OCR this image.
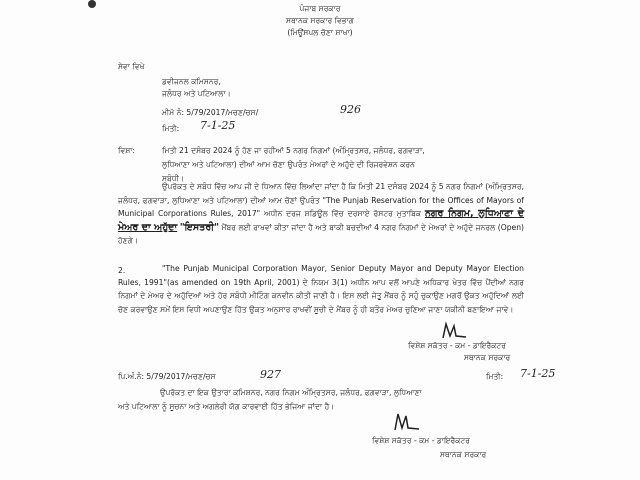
ਪੰਜਾਬ ਸਰਕਾਰ
ਸਥਾਨਕ ਸਰਕਾਰ ਵਿਭਾਗ
(ਮਿਊਂਸਪਲ ਚੋਣਾ ਸਾਖਾ)
ਸੇਵਾ ਵਿਖੇ
ਡਵੀਜਨਲ ਕਮਿਸਨਰ,
ਜਲੰਧਰ ਅਤੇ ਪਟਿਆਲਾ।
ਮੀਮੋ ਨੰ: 5/79/2017/ਮਚਣ/ਚਸ/	926
ਮਿਤੀ: 7-1-25
ਵਿਸ਼ਾ:	ਮਿਤੀ 21 ਦਸੰਬਰ 2024 ਨੂੰ ਹੋਣ ਜਾ ਰਹੀਆਂ 5 ਨਗਰ ਨਿਗਮਾਂ (ਅੰਮ੍ਰਿਤਸਰ, ਜਲੰਧਰ, ਫਗਵਾੜਾ,
ਲੁਧਿਆਣਾ ਅਤੇ ਪਟਿਆਲਾ) ਦੀਆਂ ਆਮ ਚੋਣਾ ਉਪਰੰਤ ਮੇਅਰਾਂ ਦੇ ਅਹੁੱਦੇ ਦੀ ਰਿਜਰਵੇਸ਼ਨ ਕਰਨ
ਸਬੰਧੀ।
ਉਪਰੋਕਤ ਦੇ ਸਬੰਧ ਵਿੱਚ ਆਪ ਜੀ ਦੇ ਧਿਆਨ ਵਿੱਚ ਲਿਆਂਦਾ ਜਾਂਦਾ ਹੈ ਕਿ ਮਿਤੀ 21 ਦਸੰਬਰ 2024 ਨੂੰ 5 ਨਗਰ ਨਿਗਮਾਂ (ਅੰਮ੍ਰਿਤਸਰ, ਜਲੰਧਰ, ਫਗਵਾੜਾ, ਲੁਧਿਆਣਾ ਅਤੇ ਪਟਿਆਲਾ) ਦੀਆਂ ਆਮ ਚੋਣਾਂ ਉਪਰੰਤ "The Punjab Reservation for the Offices of Mayors of Municipal Corporations Rules, 2017" ਅਧੀਨ ਦਰਜ ਸ਼ਡਿਊਲ ਵਿੱਚ ਦਰਸਾਏ ਰੋਸਟਰ ਮੁਤਾਬਿਕ ਨਗਰ ਨਿਗਮ, ਲੁਧਿਆਣਾ ਦੇ ਮੇਅਰ ਦਾ ਅਹੁੱਦਾ "ਇਸਤਰੀ" ਮੈਂਬਰ ਲਈ ਰਾਖਵਾਂ ਕੀਤਾ ਜਾਂਦਾ ਹੈ ਅਤੇ ਬਾਕੀ ਬਚਦੀਆਂ 4 ਨਗਰ ਨਿਗਮਾਂ ਦੇ ਮੇਅਰਾਂ ਦੇ ਅਹੁੱਦੇ ਜਨਰਲ (Open) ਹੋਣਗੇ।
2.	"The Punjab Municipal Corporation Mayor, Senior Deputy Mayor and Deputy Mayor Election Rules, 1991"(as amended on 19th April, 2001) ਦੇ ਨਿਯਮ 3(1) ਅਧੀਨ ਆਪ ਵਲੋਂ ਆਪਣੇ ਅਧਿਕਾਰ ਖੇਤਰ ਵਿੱਚ ਪੈਂਦੀਆਂ ਨਗਰ ਨਿਗਮਾਂ ਦੇ ਮੇਅਰ ਦੇ ਅਹੁੱਦਿਆਂ ਅਤੇ ਹੋਰ ਸਬੰਧੀ ਮੀਟਿੰਗ ਕਨਵੀਨ ਕੀਤੀ ਜਾਣੀ ਹੈ। ਇਸ ਲਈ ਜੇਤੂ ਮੈਂਬਰ ਨੂੰ ਸਹੁੰ ਚੁਕਾਉਣ ਮਗਰੋਂ ਉਕਤ ਅਹੁੱਦਿਆਂ ਲਈ ਚੋਣ ਕਰਵਾਉਣ ਸਮੇਂ ਇਸ ਵਿਧੀ ਅਪਣਾਉਣ ਹਿੱਤ ਉਕਤ ਅਨੁਸਾਰ ਰਾਖਵੀਂ ਸੂਚੀ ਦੇ ਮੈਂਬਰ ਨੂੰ ਹੀ ਬਤੌਰ ਮੇਅਰ ਚੁਣਿਆ ਜਾਣਾ ਯਕੀਨੀ ਬਣਾਇਆ ਜਾਵੇ।
ਵਿਸ਼ੇਸ਼ ਸਕੱਤਰ - ਕਮ - ਡਾਇਰੈਕਟਰ
ਸਥਾਨਕ ਸਰਕਾਰ
ਪਿ.ਅੰ.ਨੰ: 5/79/2017/ਮਚਣ/ਚਸ	927	ਮਿਤੀ: 7-1-25
ਉਪਰੋਕਤ ਦਾ ਇਕ ਉਤਾਰਾ ਕਮਿਸ਼ਨਰ, ਨਗਰ ਨਿਗਮ ਅੰਮ੍ਰਿਤਸਰ, ਜਲੰਧਰ, ਫਗਵਾੜਾ, ਲੁਧਿਆਣਾ
ਅਤੇ ਪਟਿਆਲਾ ਨੂੰ ਸੂਚਨਾ ਅਤੇ ਅਗਲੇਰੀ ਯੋਗ ਕਾਰਵਾਈ ਹਿੱਤ ਭੇਜਿਆ ਜਾਂਦਾ ਹੈ।
ਵਿਸ਼ੇਸ਼ ਸਕੱਤਰ - ਕਮ - ਡਾਇਰੈਕਟਰ
ਸਥਾਨਕ ਸਰਕਾਰ
